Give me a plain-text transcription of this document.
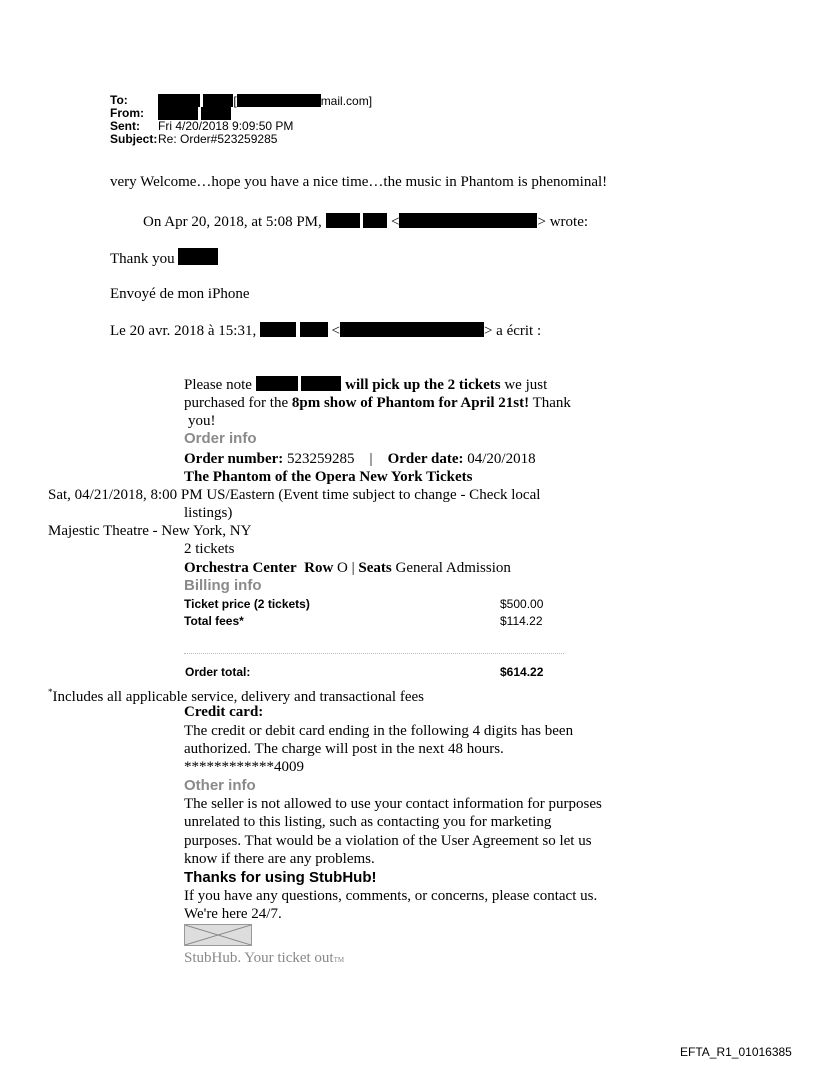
To:	[	mail.com]
From:

Sent: Fri 4/20/2018 9:09:50 PM
Subject: Re: Order#523259285
very Welcome…hope you have a nice time…the music in Phantom is phenominal!
On Apr 20, 2018, at 5:08 PM,	<	> wrote:
Thank you
Envoyé de mon iPhone
Le 20 avr. 2018 à 15:31,	<	> a écrit :
Please note	will pick up the 2 tickets we just
purchased for the 8pm show of Phantom for April 21st! Thank
you!
Order info
Order number: 523259285 | Order date: 04/20/2018
The Phantom of the Opera New York Tickets
Sat, 04/21/2018, 8:00 PM US/Eastern (Event time subject to change - Check local
listings)
Majestic Theatre - New York, NY
2 tickets
Orchestra Center Row O | Seats General Admission
Billing info
Ticket price (2 tickets)	$500.00
Total fees*	$114.22
Order total:	$614.22
*Includes all applicable service, delivery and transactional fees
Credit card:
The credit or debit card ending in the following 4 digits has been
authorized. The charge will post in the next 48 hours.
************4009
Other info
The seller is not allowed to use your contact information for purposes
unrelated to this listing, such as contacting you for marketing
purposes. That would be a violation of the User Agreement so let us
know if there are any problems.
Thanks for using StubHub!
If you have any questions, comments, or concerns, please contact us.
We're here 24/7.
StubHub. Your ticket outTM
EFTA_R1_01016385
